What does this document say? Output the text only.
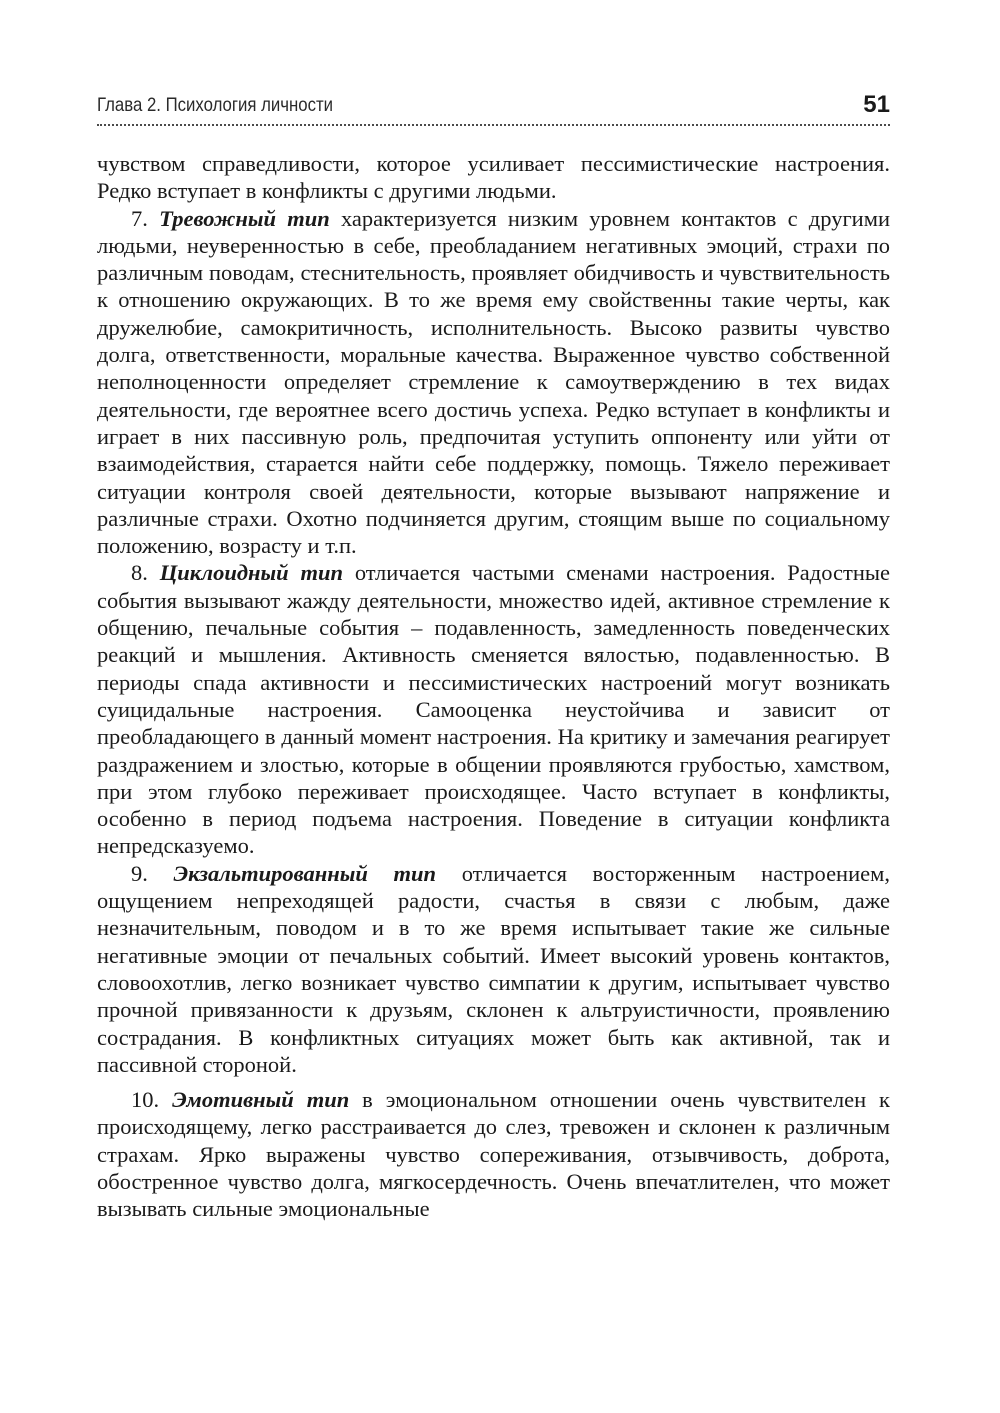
Глава 2. Психология личности	51

чувством справедливости, которое усиливает пессимистические настроения. Редко вступает в конфликты с другими людьми.

7. Тревожный тип характеризуется низким уровнем контактов с другими людьми, неуверенностью в себе, преобладанием негативных эмоций, страхи по различным поводам, стеснительность, проявляет обидчивость и чувствительность к отношению окружающих. В то же время ему свойственны такие черты, как дружелюбие, самокритичность, исполнительность. Высоко развиты чувство долга, ответственности, моральные качества. Выраженное чувство собственной неполноценности определяет стремление к самоутверждению в тех видах деятельности, где вероятнее всего достичь успеха. Редко вступает в конфликты и играет в них пассивную роль, предпочитая уступить оппоненту или уйти от взаимодействия, старается найти себе поддержку, помощь. Тяжело переживает ситуации контроля своей деятельности, которые вызывают напряжение и различные страхи. Охотно подчиняется другим, стоящим выше по социальному положению, возрасту и т.п.

8. Циклоидный тип отличается частыми сменами настроения. Радостные события вызывают жажду деятельности, множество идей, активное стремление к общению, печальные события – подавленность, замедленность поведенческих реакций и мышления. Активность сменяется вялостью, подавленностью. В периоды спада активности и пессимистических настроений могут возникать суицидальные настроения. Самооценка неустойчива и зависит от преобладающего в данный момент настроения. На критику и замечания реагирует раздражением и злостью, которые в общении проявляются грубостью, хамством, при этом глубоко переживает происходящее. Часто вступает в конфликты, особенно в период подъема настроения. Поведение в ситуации конфликта непредсказуемо.

9. Экзальтированный тип отличается восторженным настроением, ощущением непреходящей радости, счастья в связи с любым, даже незначительным, поводом и в то же время испытывает такие же сильные негативные эмоции от печальных событий. Имеет высокий уровень контактов, словоохотлив, легко возникает чувство симпатии к другим, испытывает чувство прочной привязанности к друзьям, склонен к альтруистичности, проявлению сострадания. В конфликтных ситуациях может быть как активной, так и пассивной стороной.

10. Эмотивный тип в эмоциональном отношении очень чувствителен к происходящему, легко расстраивается до слез, тревожен и склонен к различным страхам. Ярко выражены чувство сопереживания, отзывчивость, доброта, обостренное чувство долга, мягкосердечность. Очень впечатлителен, что может вызывать сильные эмоциональные
